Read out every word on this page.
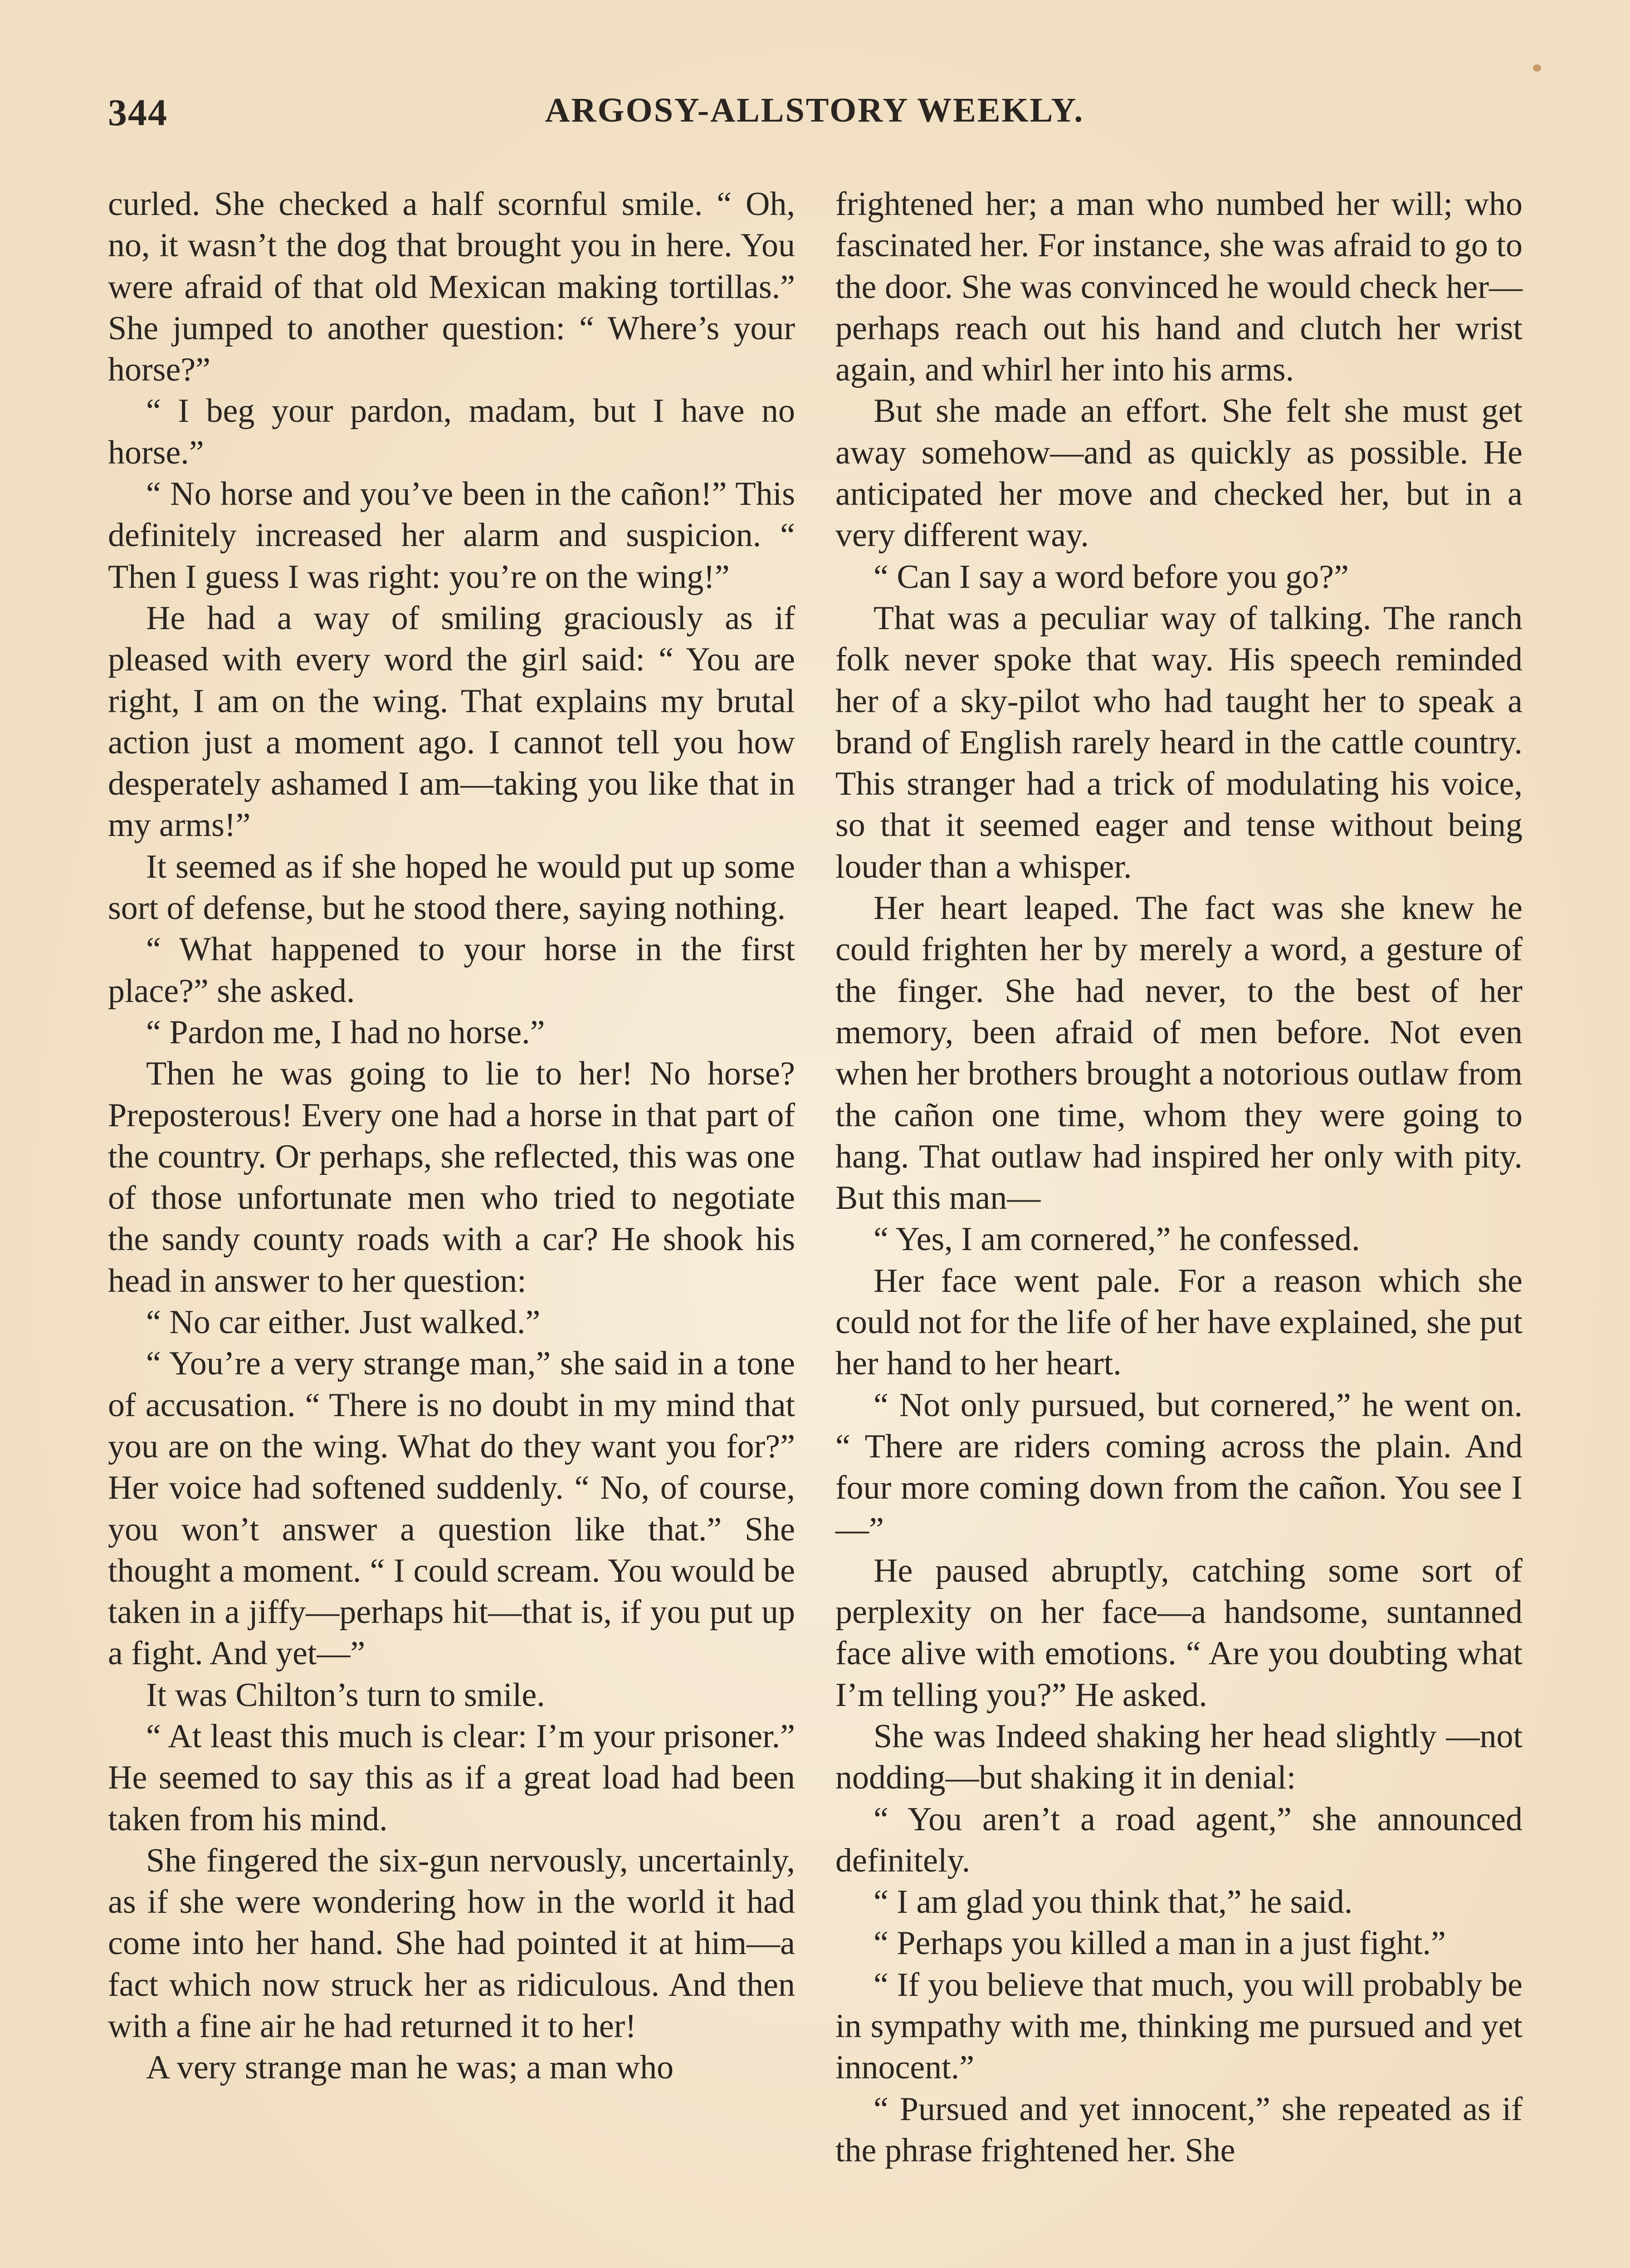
344	ARGOSY-ALLSTORY WEEKLY.

curled. She checked a half scornful smile. “ Oh, no, it wasn’t the dog that brought you in here. You were afraid of that old Mexican making tortillas.” She jumped to another question: “ Where’s your horse?”

“ I beg your pardon, madam, but I have no horse.”

“ No horse and you’ve been in the cañon!” This definitely increased her alarm and suspicion. “ Then I guess I was right: you’re on the wing!”

He had a way of smiling graciously as if pleased with every word the girl said: “ You are right, I am on the wing. That explains my brutal action just a moment ago. I cannot tell you how desperately ashamed I am—taking you like that in my arms!”

It seemed as if she hoped he would put up some sort of defense, but he stood there, saying nothing.

“ What happened to your horse in the first place?” she asked.

“ Pardon me, I had no horse.”

Then he was going to lie to her! No horse? Preposterous! Every one had a horse in that part of the country. Or perhaps, she reflected, this was one of those unfortunate men who tried to negotiate the sandy county roads with a car? He shook his head in answer to her question:

“ No car either. Just walked.”

“ You’re a very strange man,” she said in a tone of accusation. “ There is no doubt in my mind that you are on the wing. What do they want you for?” Her voice had softened suddenly. “ No, of course, you won’t answer a question like that.” She thought a moment. “ I could scream. You would be taken in a jiffy—perhaps hit—that is, if you put up a fight. And yet—”

It was Chilton’s turn to smile.

“ At least this much is clear: I’m your prisoner.” He seemed to say this as if a great load had been taken from his mind.

She fingered the six-gun nervously, uncertainly, as if she were wondering how in the world it had come into her hand. She had pointed it at him—a fact which now struck her as ridiculous. And then with a fine air he had returned it to her!

A very strange man he was; a man who

frightened her; a man who numbed her will; who fascinated her. For instance, she was afraid to go to the door. She was convinced he would check her—perhaps reach out his hand and clutch her wrist again, and whirl her into his arms.

But she made an effort. She felt she must get away somehow—and as quickly as possible. He anticipated her move and checked her, but in a very different way.

“ Can I say a word before you go?”

That was a peculiar way of talking. The ranch folk never spoke that way. His speech reminded her of a sky-pilot who had taught her to speak a brand of English rarely heard in the cattle country. This stranger had a trick of modulating his voice, so that it seemed eager and tense without being louder than a whisper.

Her heart leaped. The fact was she knew he could frighten her by merely a word, a gesture of the finger. She had never, to the best of her memory, been afraid of men before. Not even when her brothers brought a notorious outlaw from the cañon one time, whom they were going to hang. That outlaw had inspired her only with pity. But this man—

“ Yes, I am cornered,” he confessed.

Her face went pale. For a reason which she could not for the life of her have explained, she put her hand to her heart.

“ Not only pursued, but cornered,” he went on. “ There are riders coming across the plain. And four more coming down from the cañon. You see I—”

He paused abruptly, catching some sort of perplexity on her face—a handsome, suntanned face alive with emotions. “ Are you doubting what I’m telling you?” He asked.

She was Indeed shaking her head slightly —not nodding—but shaking it in denial:

“ You aren’t a road agent,” she announced definitely.

“ I am glad you think that,” he said.

“ Perhaps you killed a man in a just fight.”

“ If you believe that much, you will probably be in sympathy with me, thinking me pursued and yet innocent.”

“ Pursued and yet innocent,” she repeated as if the phrase frightened her. She
